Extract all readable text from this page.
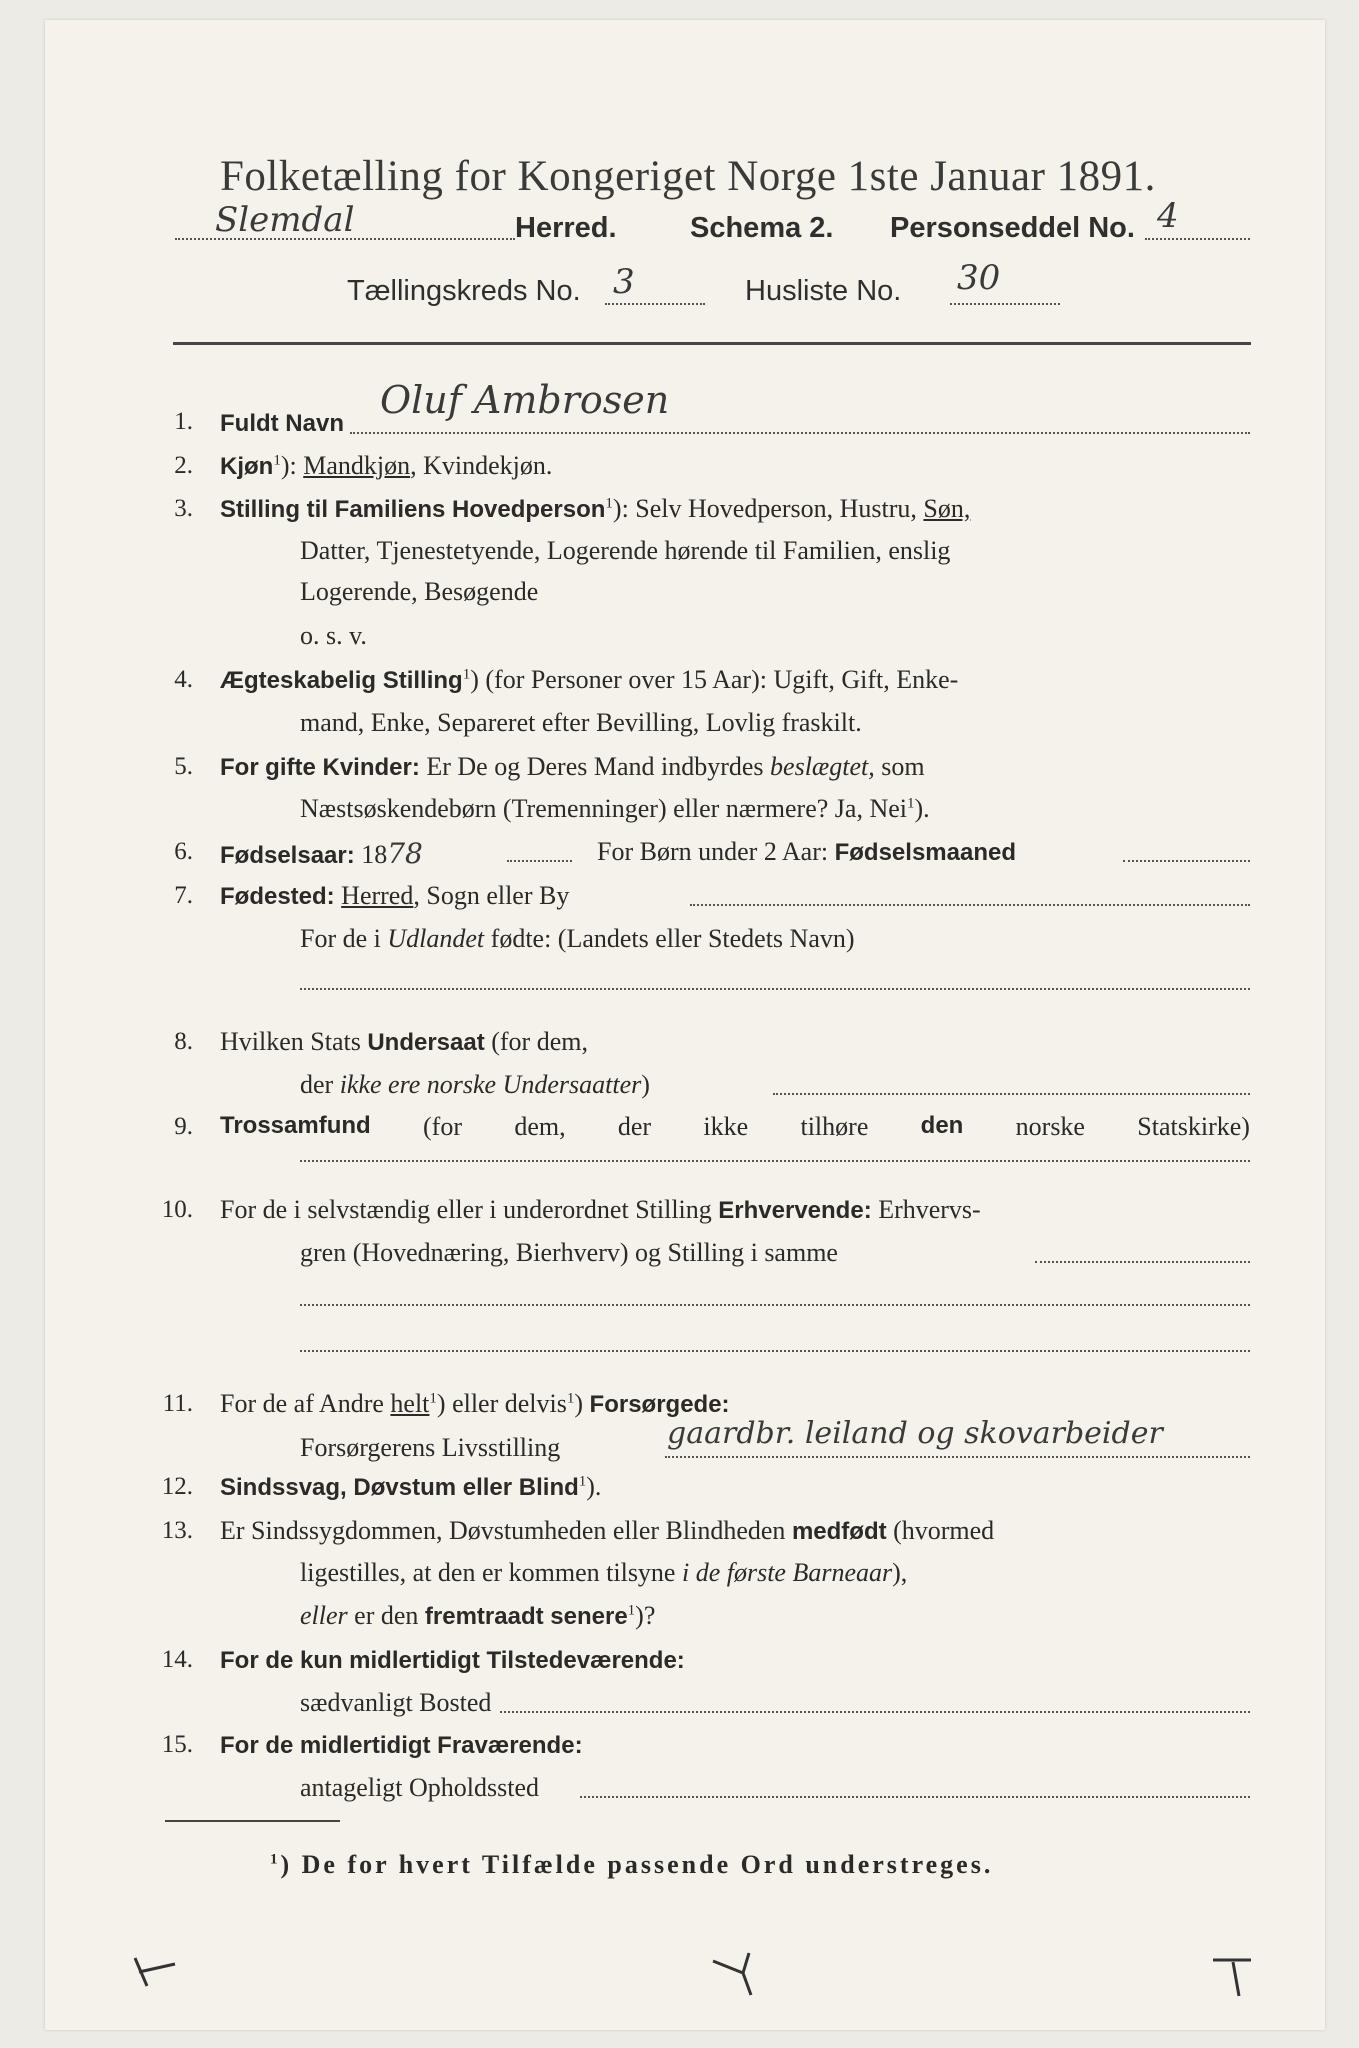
Folketælling for Kongeriget Norge 1ste Januar 1891.
Slemdal	Herred.	Schema 2. Personseddel No. 4
Tællingskreds No. 3	Husliste No. 30
1. Fuldt Navn
Oluf Ambrosen
2. Kjøn$^1$): Mandkjøn, Kvindekjøn.
3. Stilling til Familiens Hovedperson$^1$): Selv Hovedperson, Hustru, Søn,
Datter, Tjenestetyende, Logerende hørende til Familien, enslig
Logerende, Besøgende
o. s. v.
4. Ægteskabelig Stilling$^1$) (for Personer over 15 Aar): Ugift, Gift, Enke-
mand, Enke, Separeret efter Bevilling, Lovlig fraskilt.
5. For gifte Kvinder: Er De og Deres Mand indbyrdes beslægtet, som
Næstsøskendebørn (Tremenninger) eller nærmere? Ja, Nei$^1$).
6. Fødselsaar: 1878	For Børn under 2 Aar: Fødselsmaaned
7. Fødested: Herred, Sogn eller By
For de i Udlandet fødte: (Landets eller Stedets Navn)
8. Hvilken Stats Undersaat (for dem,
der ikke ere norske Undersaatter)
9. Trossamfund (for dem, der ikke tilhøre den norske Statskirke)
10. For de i selvstændig eller i underordnet Stilling Erhvervende: Erhvervs-
gren (Hovednæring, Bierhverv) og Stilling i samme
11. For de af Andre helt$^1$) eller delvis$^1$) Forsørgede:
Forsørgerens Livsstilling	gaardbr. leiland og skovarbeider
12. Sindssvag, Døvstum eller Blind$^1$).
13. Er Sindssygdommen, Døvstumheden eller Blindheden medfødt (hvormed
ligestilles, at den er kommen tilsyne i de første Barneaar),
eller er den fremtraadt senere$^1$)?
14. For de kun midlertidigt Tilstedeværende:
sædvanligt Bosted
15. For de midlertidigt Fraværende:
antageligt Opholdssted
$^1$) De for hvert Tilfælde passende Ord understreges.
